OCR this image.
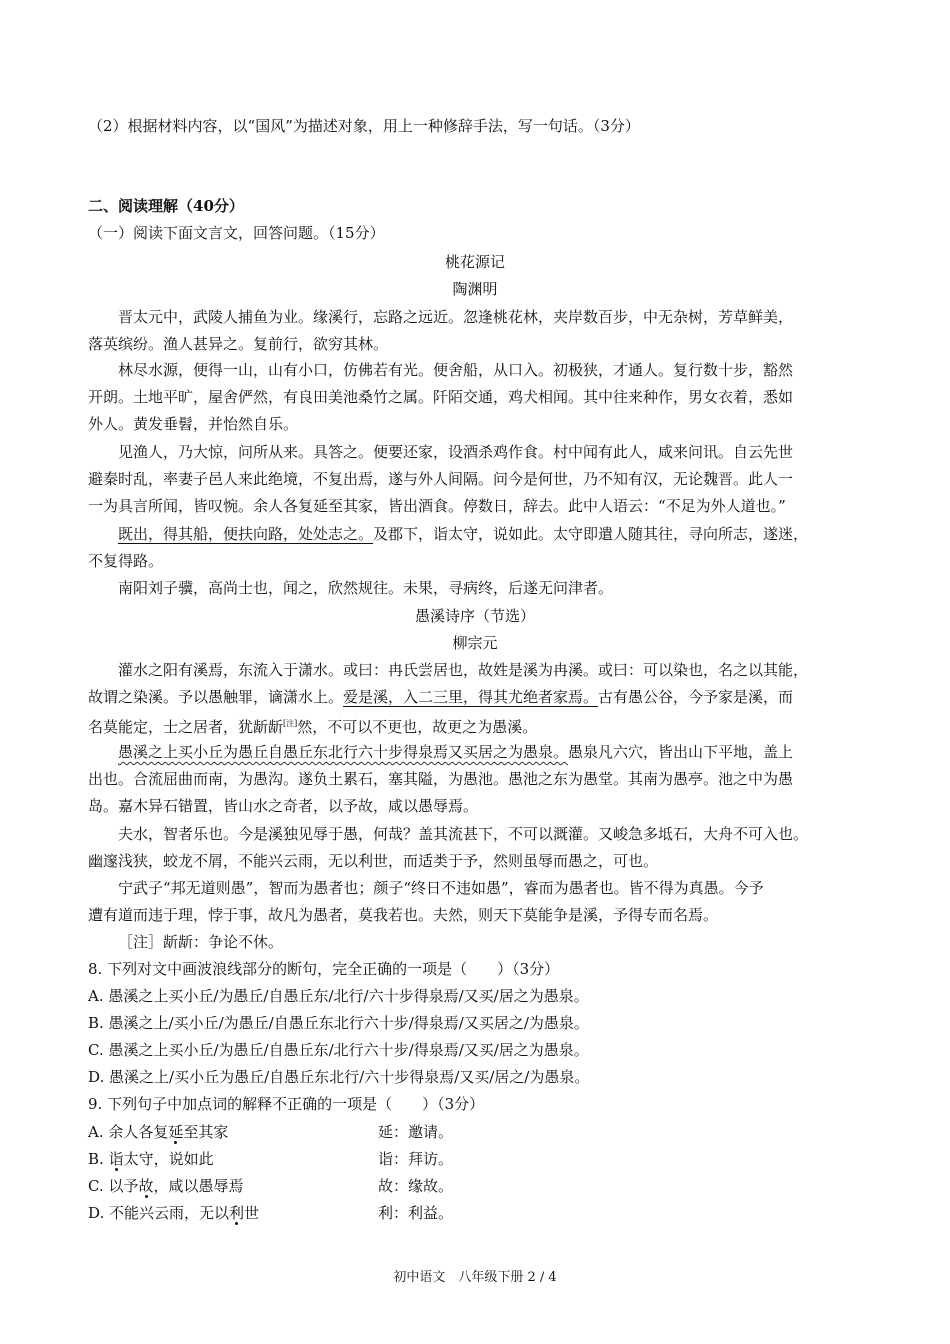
（2）根据材料内容，以“国风”为描述对象，用上一种修辞手法，写一句话。（3分）
二、阅读理解（40分）
（一）阅读下面文言文，回答问题。（15分）
桃花源记
陶渊明
晋太元中，武陵人捕鱼为业。缘溪行，忘路之远近。忽逢桃花林，夹岸数百步，中无杂树，芳草鲜美，
落英缤纷。渔人甚异之。复前行，欲穷其林。
林尽水源，便得一山，山有小口，仿佛若有光。便舍船，从口入。初极狭，才通人。复行数十步，豁然
开朗。土地平旷，屋舍俨然，有良田美池桑竹之属。阡陌交通，鸡犬相闻。其中往来种作，男女衣着，悉如
外人。黄发垂髫，并怡然自乐。
见渔人，乃大惊，问所从来。具答之。便要还家，设酒杀鸡作食。村中闻有此人，咸来问讯。自云先世
避秦时乱，率妻子邑人来此绝境，不复出焉，遂与外人间隔。问今是何世，乃不知有汉，无论魏晋。此人一
一为具言所闻，皆叹惋。余人各复延至其家，皆出酒食。停数日，辞去。此中人语云：“不足为外人道也。”
既出，得其船，便扶向路，处处志之。及郡下，诣太守，说如此。太守即遣人随其往，寻向所志，遂迷，
不复得路。
南阳刘子骥，高尚士也，闻之，欣然规往。未果，寻病终，后遂无问津者。
愚溪诗序（节选）
柳宗元
灌水之阳有溪焉，东流入于潇水。或曰：冉氏尝居也，故姓是溪为冉溪。或曰：可以染也，名之以其能，
故谓之染溪。予以愚触罪，谪潇水上。爱是溪，入二三里，得其尤绝者家焉。古有愚公谷，今予家是溪，而
名莫能定，士之居者，犹龂龂[注]然，不可以不更也，故更之为愚溪。
愚溪之上买小丘为愚丘自愚丘东北行六十步得泉焉又买居之为愚泉。愚泉凡六穴，皆出山下平地，盖上
出也。合流屈曲而南，为愚沟。遂负土累石，塞其隘，为愚池。愚池之东为愚堂。其南为愚亭。池之中为愚
岛。嘉木异石错置，皆山水之奇者，以予故，咸以愚辱焉。
夫水，智者乐也。今是溪独见辱于愚，何哉？盖其流甚下，不可以溉灌。又峻急多坻石，大舟不可入也。
幽邃浅狭，蛟龙不屑，不能兴云雨，无以利世，而适类于予，然则虽辱而愚之，可也。
宁武子“邦无道则愚”，智而为愚者也；颜子“终日不违如愚”，睿而为愚者也。皆不得为真愚。今予
遭有道而违于理，悖于事，故凡为愚者，莫我若也。夫然，则天下莫能争是溪，予得专而名焉。
［注］龂龂：争论不休。
8. 下列对文中画波浪线部分的断句，完全正确的一项是（　　）（3分）
A. 愚溪之上买小丘/为愚丘/自愚丘东/北行/六十步得泉焉/又买/居之为愚泉。
B. 愚溪之上/买小丘/为愚丘/自愚丘东北行六十步/得泉焉/又买居之/为愚泉。
C. 愚溪之上买小丘/为愚丘/自愚丘东/北行六十步/得泉焉/又买/居之为愚泉。
D. 愚溪之上/买小丘为愚丘/自愚丘东北行/六十步得泉焉/又买/居之/为愚泉。
9. 下列句子中加点词的解释不正确的一项是（　　）（3分）
A. 余人各复延至其家	延：邀请。
B. 诣太守，说如此	诣：拜访。
C. 以予故，咸以愚辱焉	故：缘故。
D. 不能兴云雨，无以利世	利：利益。
初中语文　八年级下册 2 / 4
